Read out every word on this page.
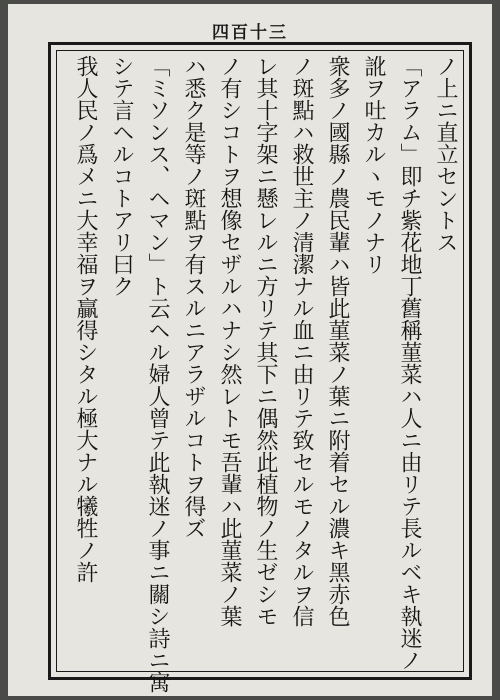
四百十三
ノ上ニ直立セントス
「アラム」即チ紫花地丁舊稱菫菜ハ人ニ由リテ長ルベキ執迷ノ
訛ヲ吐カルヽモノナリ
衆多ノ國縣ノ農民輩ハ皆此菫菜ノ葉ニ附着セル濃キ黑赤色
ノ斑點ハ救世主ノ清潔ナル血ニ由リテ致セルモノタルヲ信
レ其十字架ニ懸レルニ方リテ其下ニ偶然此植物ノ生ゼシモ
ノ有シコトヲ想像セザルハナシ然レトモ吾輩ハ此菫菜ノ葉
ハ悉ク是等ノ斑點ヲ有スルニアラザルコトヲ得ズ
「ミソンス、ヘマン」ト云ヘル婦人曾テ此執迷ノ事ニ關シ詩ニ寓
シテ言ヘルコトアリ曰ク
我人民ノ爲メニ大幸福ヲ贏得シタル極大ナル犧牲ノ許
